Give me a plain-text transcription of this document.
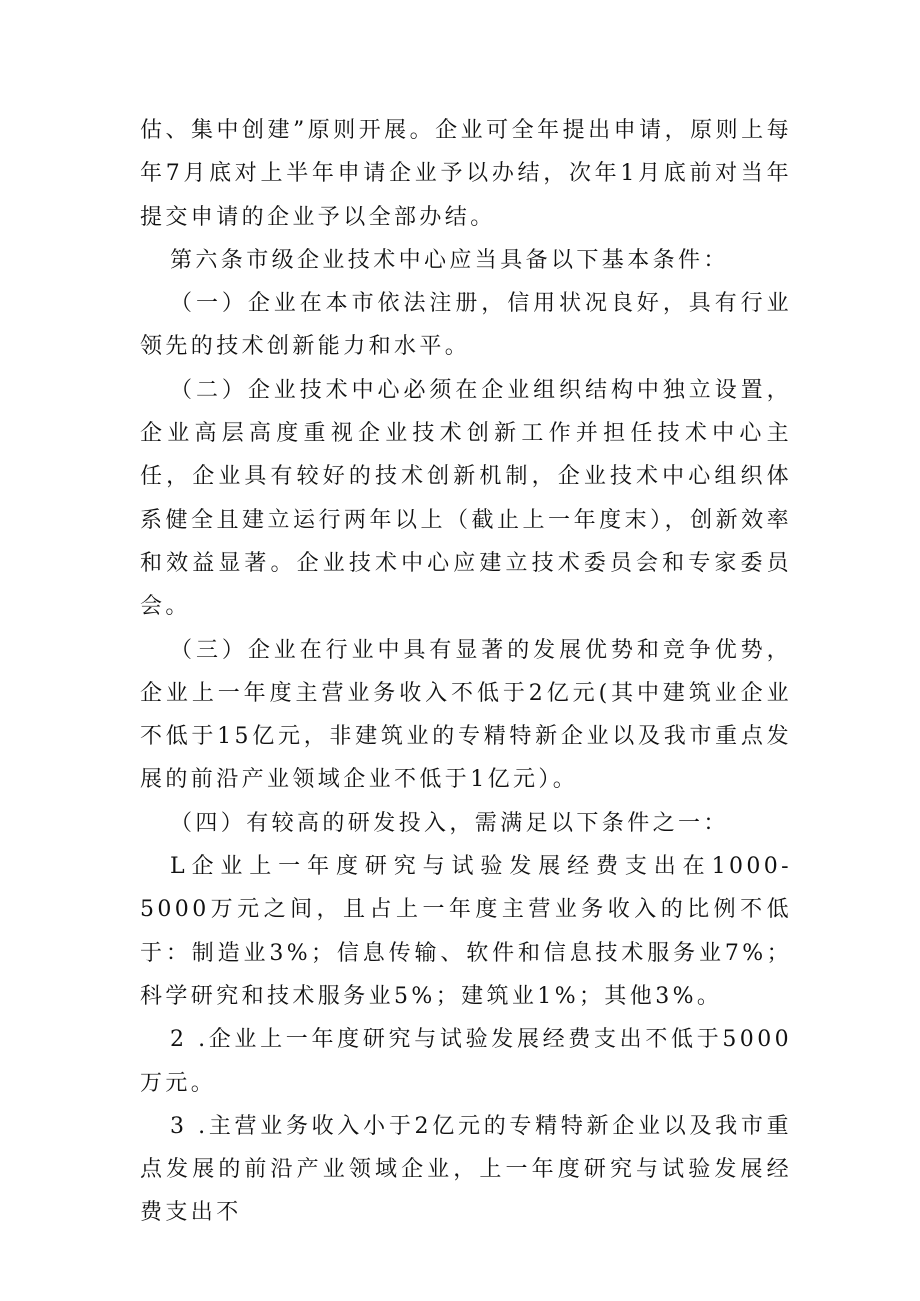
估、集中创建”原则开展。企业可全年提出申请，原则上每年7月底对上半年申请企业予以办结，次年1月底前对当年提交申请的企业予以全部办结。

第六条市级企业技术中心应当具备以下基本条件：

（一）企业在本市依法注册，信用状况良好，具有行业领先的技术创新能力和水平。

（二）企业技术中心必须在企业组织结构中独立设置，企业高层高度重视企业技术创新工作并担任技术中心主任，企业具有较好的技术创新机制，企业技术中心组织体系健全且建立运行两年以上（截止上一年度末），创新效率和效益显著。企业技术中心应建立技术委员会和专家委员会。

（三）企业在行业中具有显著的发展优势和竞争优势，企业上一年度主营业务收入不低于2亿元(其中建筑业企业不低于15亿元，非建筑业的专精特新企业以及我市重点发展的前沿产业领域企业不低于1亿元）。

（四）有较高的研发投入，需满足以下条件之一：

L企业上一年度研究与试验发展经费支出在1000-5000万元之间，且占上一年度主营业务收入的比例不低于：制造业3%；信息传输、软件和信息技术服务业7%；科学研究和技术服务业5%；建筑业1%；其他3%。

2 .企业上一年度研究与试验发展经费支出不低于5000万元。

3 .主营业务收入小于2亿元的专精特新企业以及我市重点发展的前沿产业领域企业，上一年度研究与试验发展经费支出不
